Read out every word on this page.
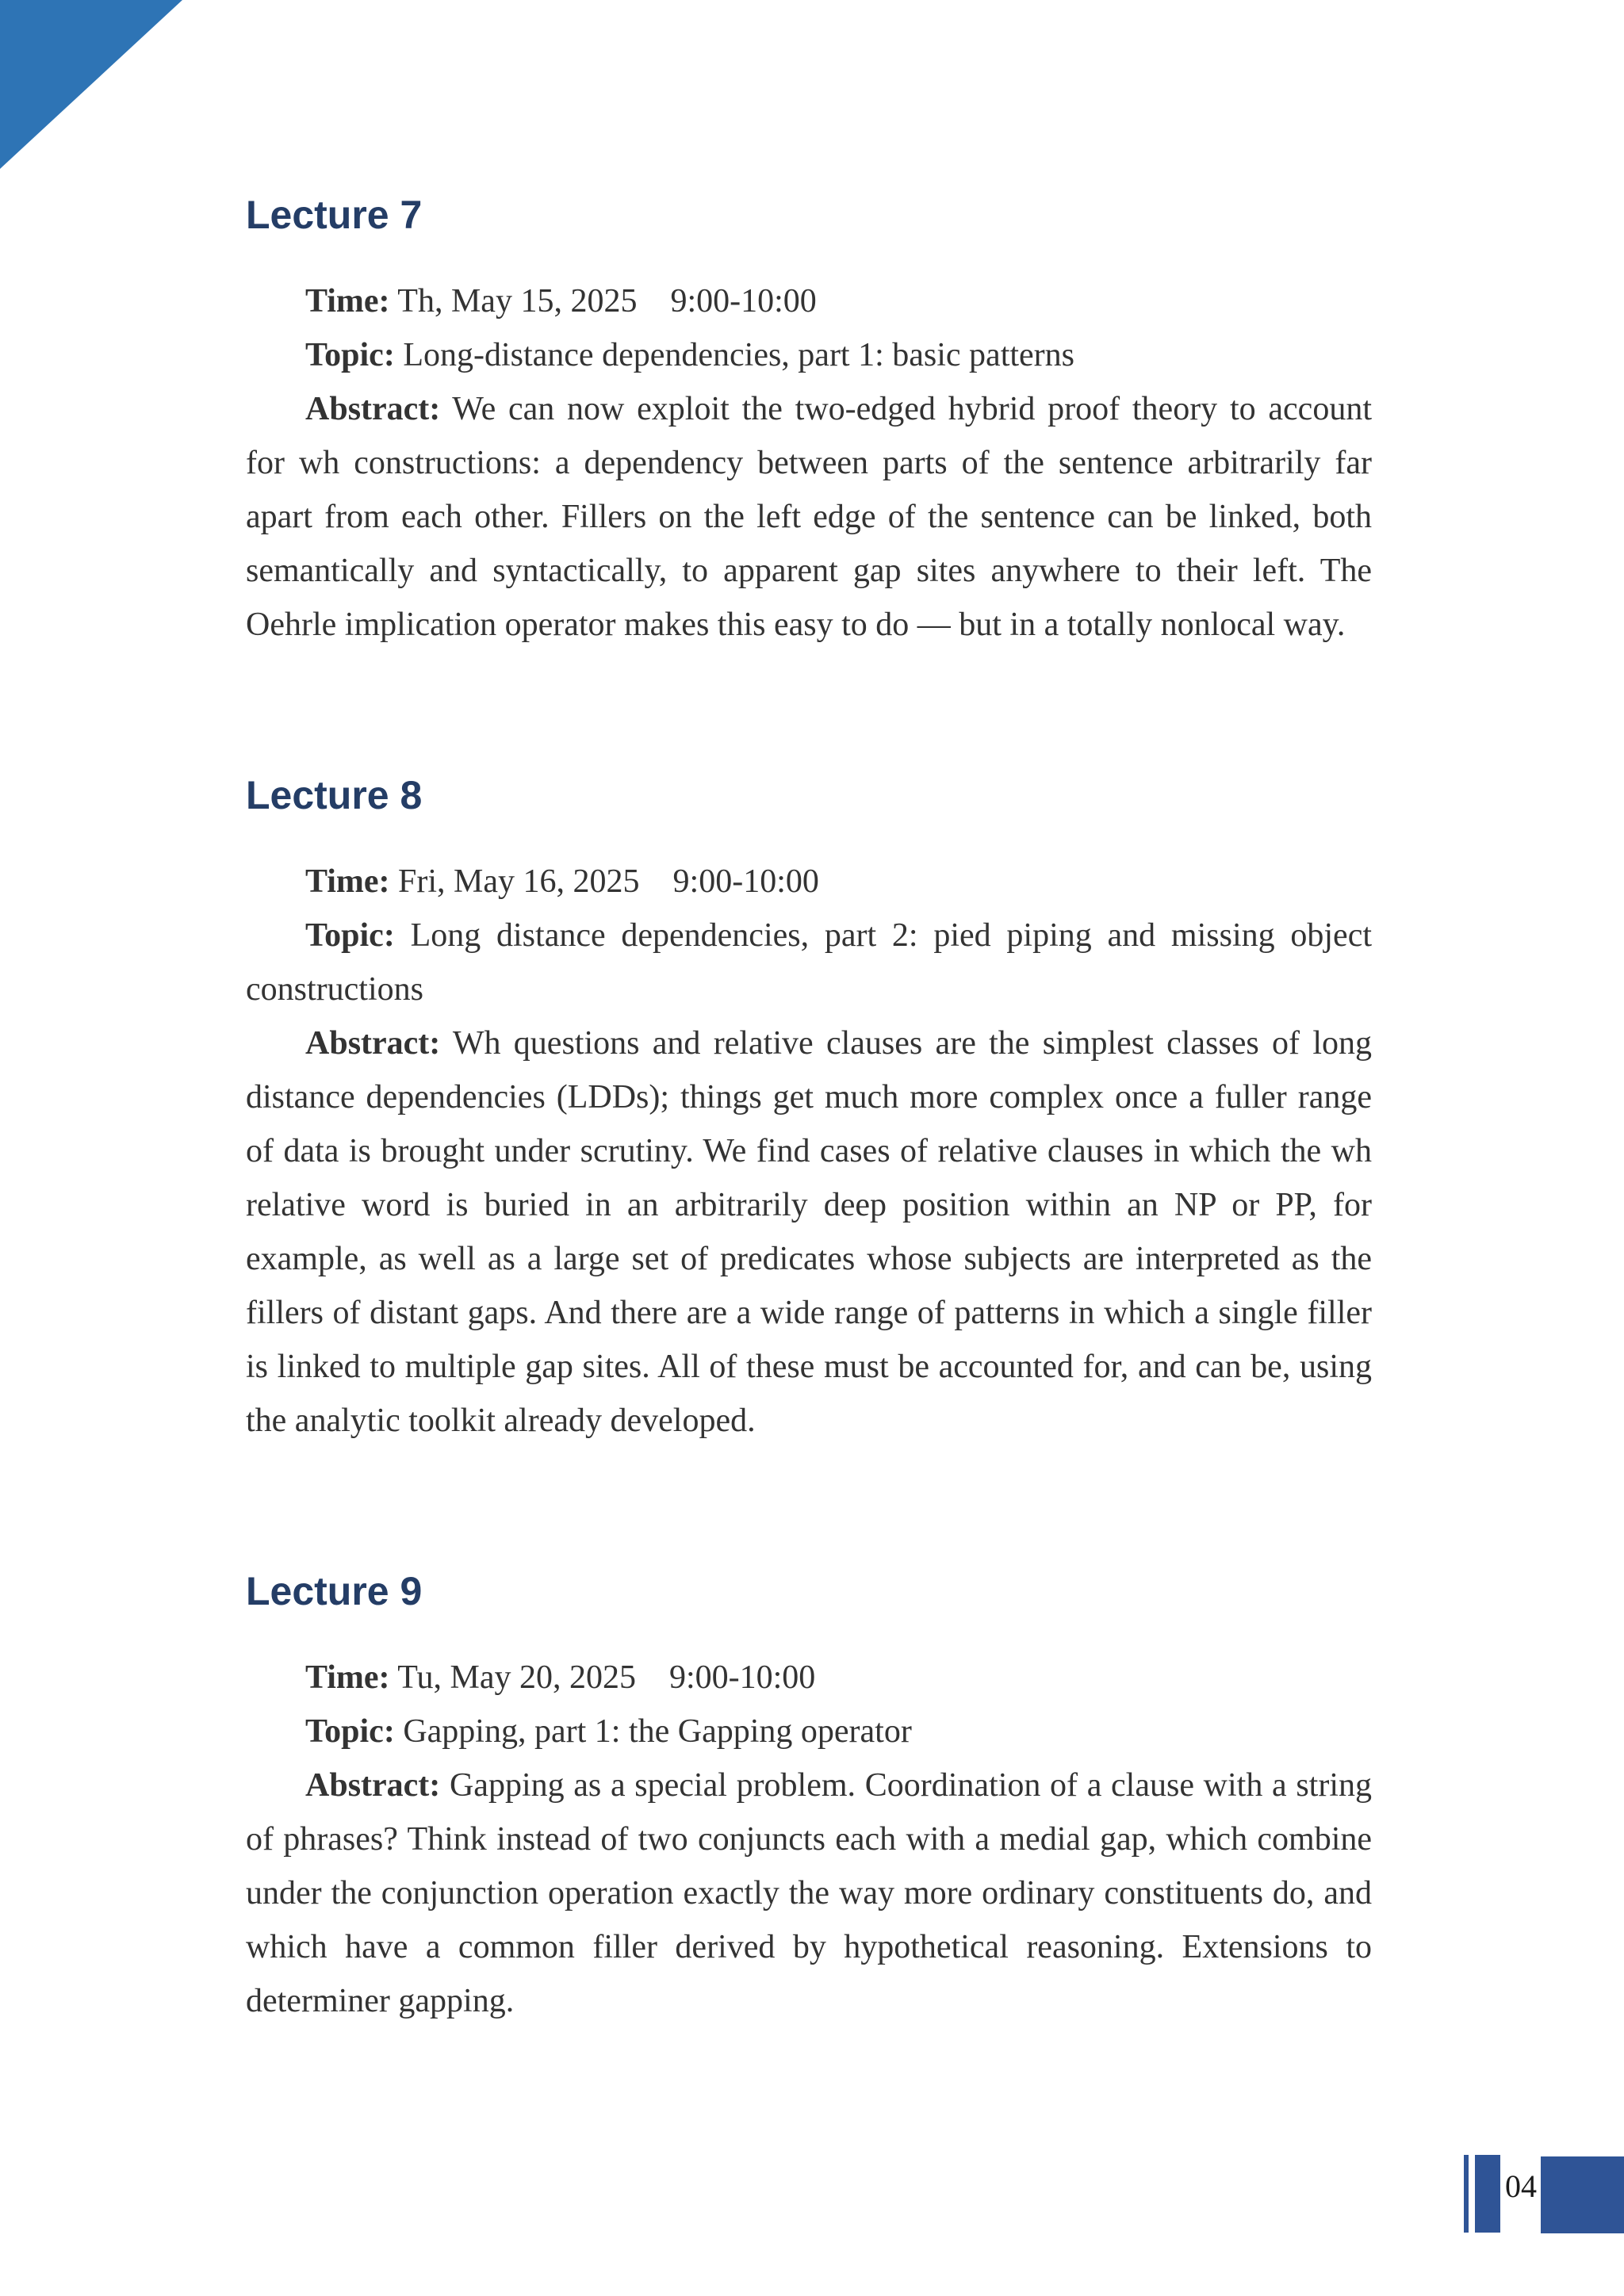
Lecture 7

Time: Th, May 15, 2025 9:00-10:00

Topic: Long-distance dependencies, part 1: basic patterns

Abstract: We can now exploit the two-edged hybrid proof theory to account for wh constructions: a dependency between parts of the sentence arbitrarily far apart from each other. Fillers on the left edge of the sentence can be linked, both semantically and syntactically, to apparent gap sites anywhere to their left. The Oehrle implication operator makes this easy to do — but in a totally nonlocal way.

Lecture 8

Time: Fri, May 16, 2025 9:00-10:00

Topic: Long distance dependencies, part 2: pied piping and missing object constructions

Abstract: Wh questions and relative clauses are the simplest classes of long distance dependencies (LDDs); things get much more complex once a fuller range of data is brought under scrutiny. We find cases of relative clauses in which the wh relative word is buried in an arbitrarily deep position within an NP or PP, for example, as well as a large set of predicates whose subjects are interpreted as the fillers of distant gaps. And there are a wide range of patterns in which a single filler is linked to multiple gap sites. All of these must be accounted for, and can be, using the analytic toolkit already developed.

Lecture 9

Time: Tu, May 20, 2025 9:00-10:00

Topic: Gapping, part 1: the Gapping operator

Abstract: Gapping as a special problem. Coordination of a clause with a string of phrases? Think instead of two conjuncts each with a medial gap, which combine under the conjunction operation exactly the way more ordinary constituents do, and which have a common filler derived by hypothetical reasoning. Extensions to determiner gapping.

04
